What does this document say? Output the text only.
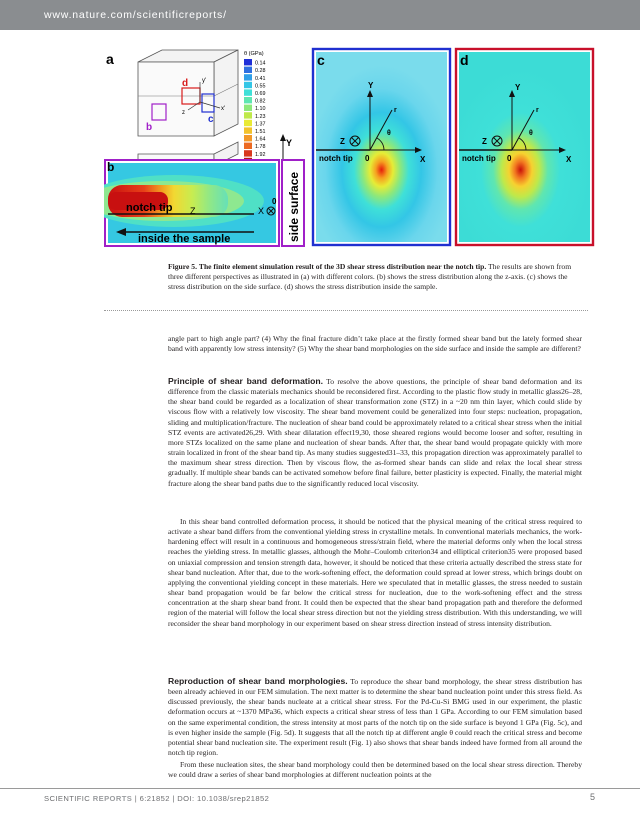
www.nature.com/scientificreports/
a
d
b
c
y'
x'
z
θ (GPa)
0.14
0.28
0.41
0.55
0.69
0.82
1.10
1.23
1.37
1.51
1.64
1.78
1.92
b
notch tip Z	X
0
inside the sample
Y
side surface
c
Y
X
r
θ
Z
notch tip 0
d
Y
X
r
θ
Z
notch tip 0
Figure 5. The finite element simulation result of the 3D shear stress distribution near the notch tip. The results are shown from three different perspectives as illustrated in (a) with different colors. (b) shows the stress distribution along the z-axis. (c) shows the stress distribution on the side surface. (d) shows the stress distribution inside the sample.
angle part to high angle part? (4) Why the final fracture didn’t take place at the firstly formed shear band but the lately formed shear band with apparently low stress intensity? (5) Why the shear band morphologies on the side surface and inside the sample are different?
Principle of shear band deformation. To resolve the above questions, the principle of shear band deformation and its difference from the classic materials mechanics should be reconsidered first. According to the plastic flow study in metallic glass26–28, the shear band could be regarded as a localization of shear transformation zone (STZ) in a ~20 nm thin layer, which could slide by viscous flow with a relatively low viscosity. The shear band movement could be generalized into four steps: nucleation, propagation, sliding and multiplication/fracture. The nucleation of shear band could be approximately related to a critical shear stress when the initial STZ events are activated26,29. With shear dilatation effect19,30, those sheared regions would become looser and softer, resulting in more STZs localized on the same plane and nucleation of shear bands. After that, the shear band would propagate quickly with more strain localized in front of the shear band tip. As many studies suggested31–33, this propagation direction was approximately parallel to the maximum shear stress direction. Then by viscous flow, the as-formed shear bands can slide and relax the local shear stress gradually. If multiple shear bands can be activated somehow before final failure, better plasticity is expected. Finally, the material might fracture along the shear band paths due to the significantly reduced local viscosity.
In this shear band controlled deformation process, it should be noticed that the physical meaning of the critical stress required to activate a shear band differs from the conventional yielding stress in crystalline metals. In conventional materials mechanics, the work-hardening effect will result in a continuous and homogeneous stress/strain field, where the material deforms only when the local stress reaches the yielding stress. In metallic glasses, although the Mohr–Coulomb criterion34 and elliptical criterion35 were proposed based on uniaxial compression and tension strength data, however, it should be noticed that these criteria actually described the stress state for shear band nucleation. After that, due to the work-softening effect, the deformation could spread at lower stress, which brings doubt on applying the conventional yielding concept in these materials. Here we speculated that in metallic glasses, the stress needed to sustain shear band propagation would be far below the critical stress for nucleation, due to the work-softening effect and the stress concentration at the sharp shear band front. It could then be expected that the shear band propagation path and therefore the deformed region of the material will follow the local shear stress direction but not the yielding stress distribution. With this understanding, we will reconsider the shear band morphology in our experiment based on shear stress direction instead of stress intensity distribution.
Reproduction of shear band morphologies. To reproduce the shear band morphology, the shear stress distribution has been already achieved in our FEM simulation. The next matter is to determine the shear band nucleation point under this stress field. As discussed previously, the shear bands nucleate at a critical shear stress. For the Pd-Cu-Si BMG used in our experiment, the plastic deformation occurs at ~1370 MPa36, which expects a critical shear stress of less than 1 GPa. According to our FEM simulation based on the same experimental condition, the stress intensity at most parts of the notch tip on the side surface is beyond 1 GPa (Fig. 5c), and is even higher inside the sample (Fig. 5d). It suggests that all the notch tip at different angle θ could reach the critical stress and become potential shear band nucleation site. The experiment result (Fig. 1) also shows that shear bands indeed have formed from all around the notch tip region.
From these nucleation sites, the shear band morphology could then be determined based on the local shear stress direction. Thereby we could draw a series of shear band morphologies at different nucleation points at the
SCIENTIFIC REPORTS | 6:21852 | DOI: 10.1038/srep21852	5
